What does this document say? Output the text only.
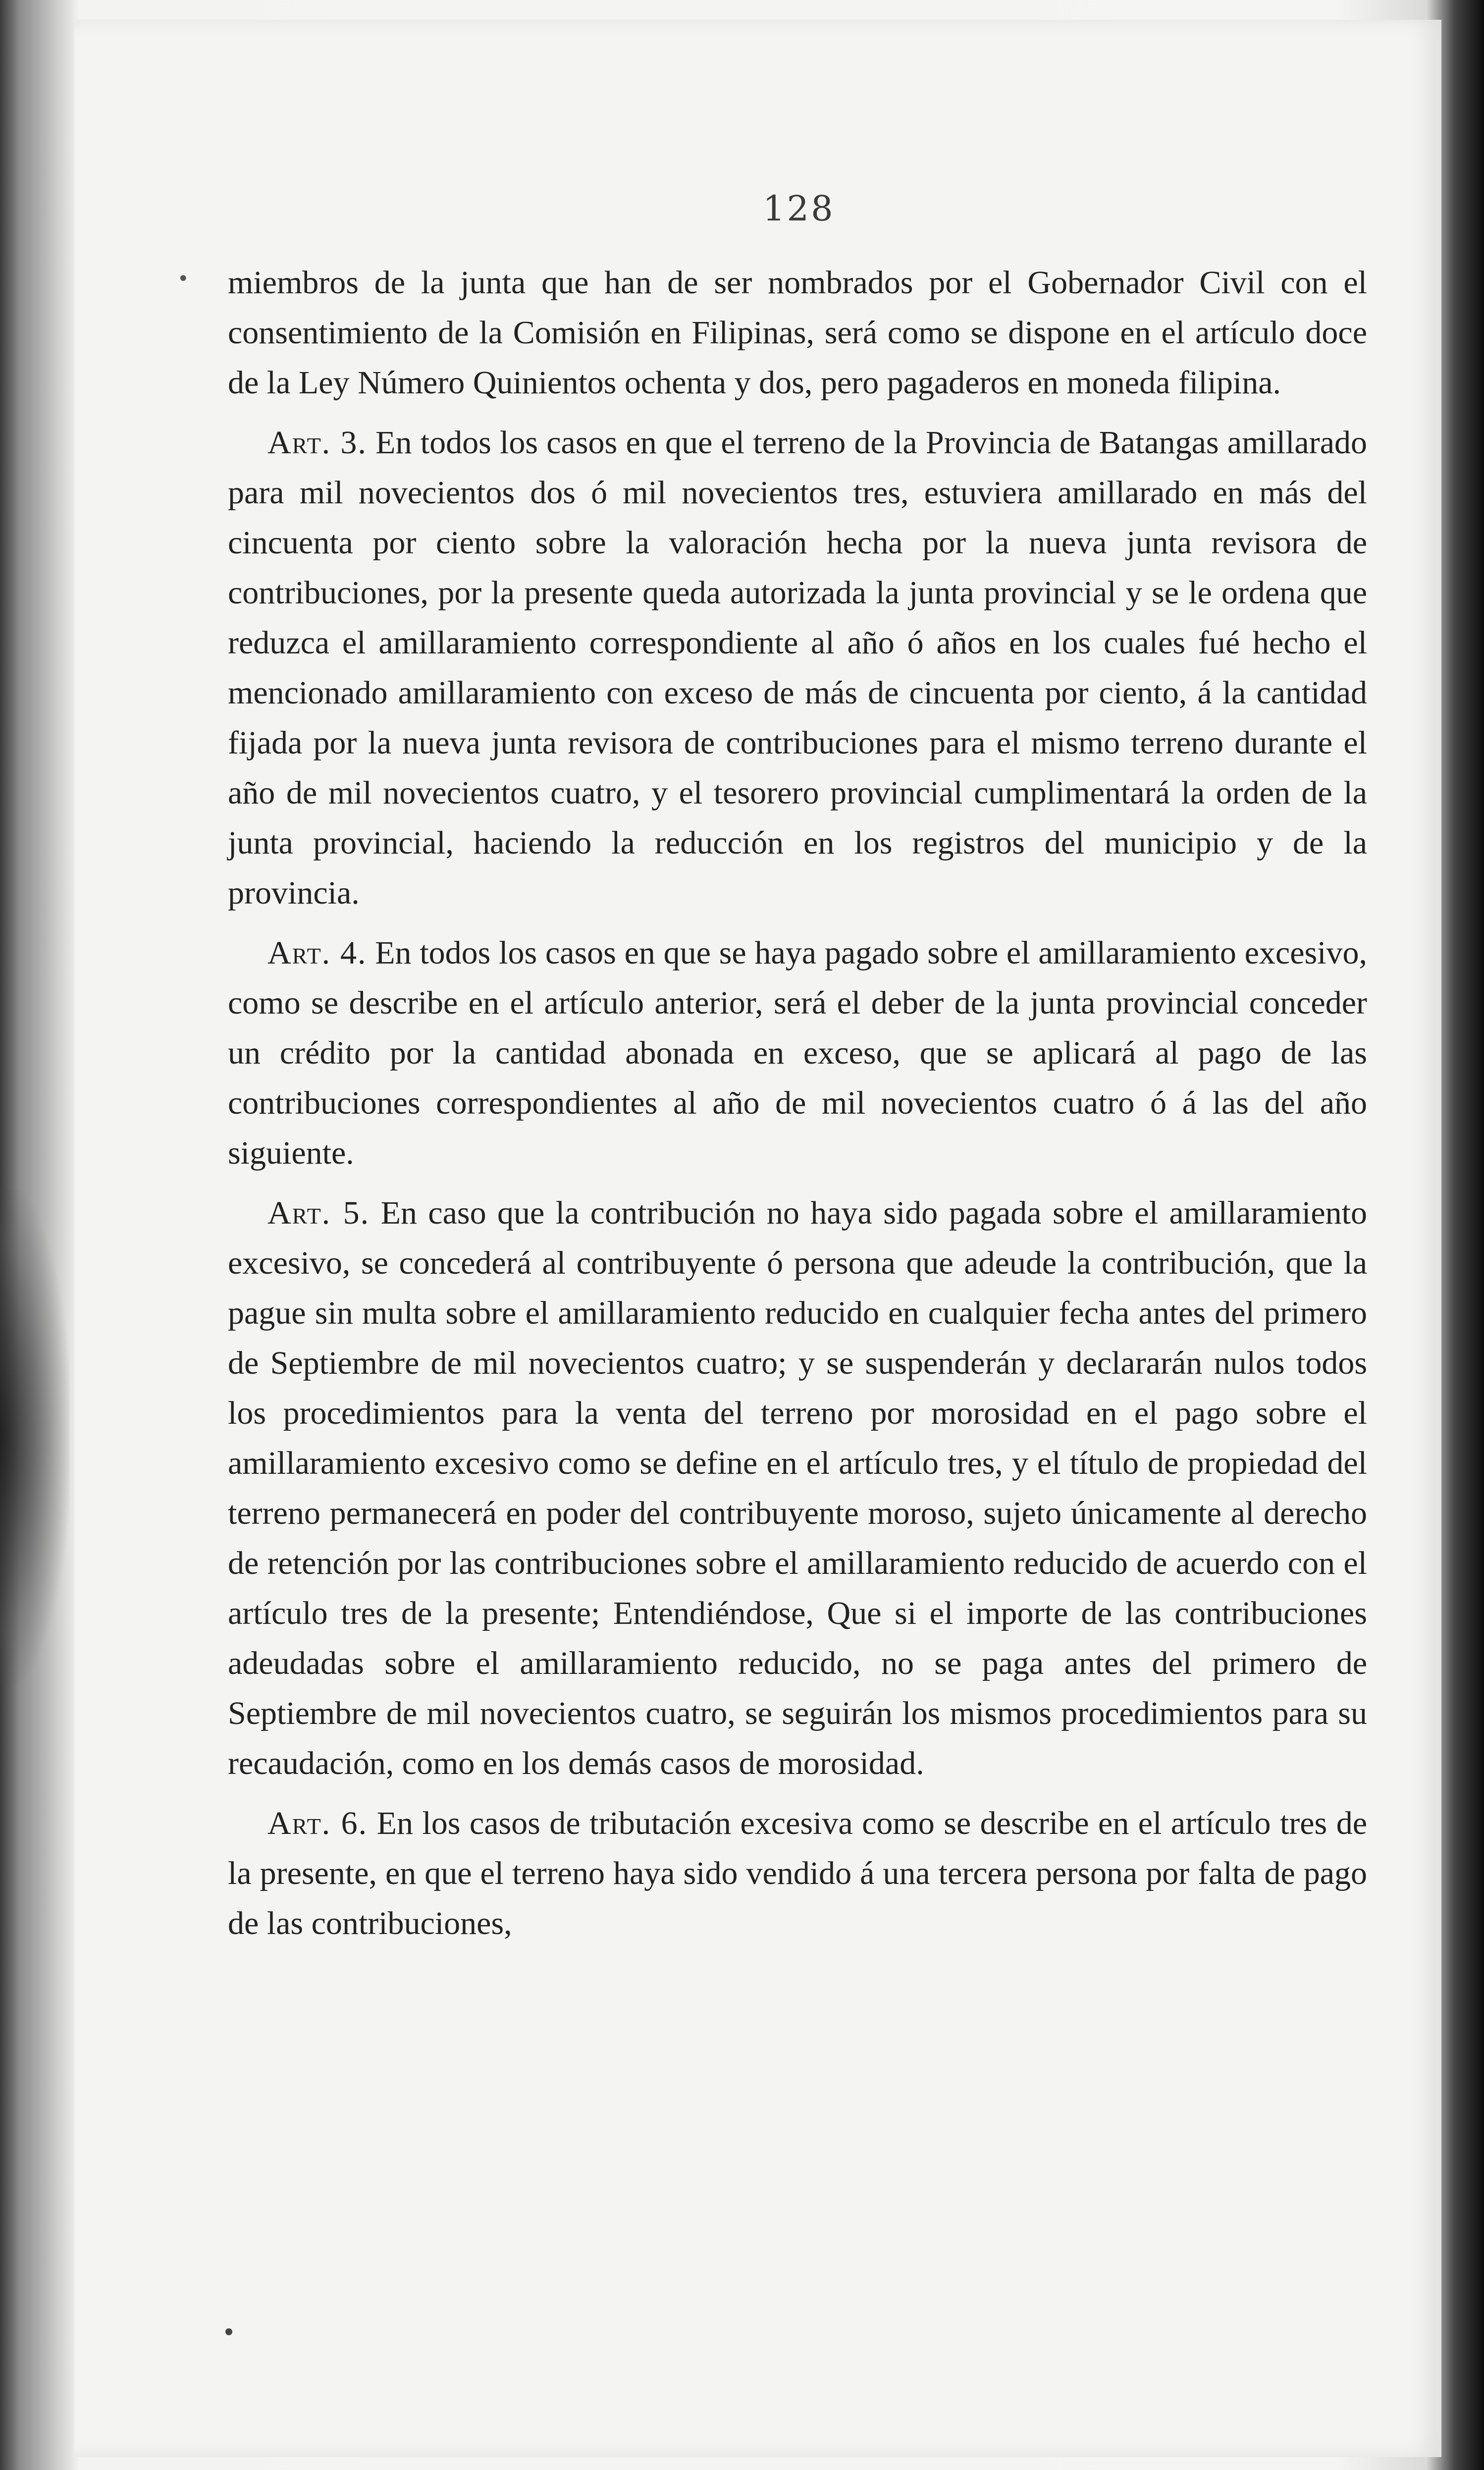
128
• miembros de la junta que han de ser nombrados por el Gobernador Civil con el consentimiento de la Comisión en Filipinas, será como se dispone en el artículo doce de la Ley Número Quinientos ochenta y dos, pero pagaderos en moneda filipina.

Art. 3. En todos los casos en que el terreno de la Provincia de Batangas amillarado para mil novecientos dos ó mil novecientos tres, estuviera amillarado en más del cincuenta por ciento sobre la valoración hecha por la nueva junta revisora de contribuciones, por la presente queda autorizada la junta provincial y se le ordena que reduzca el amillaramiento correspondiente al año ó años en los cuales fué hecho el mencionado amillaramiento con exceso de más de cincuenta por ciento, á la cantidad fijada por la nueva junta revisora de contribuciones para el mismo terreno durante el año de mil novecientos cuatro, y el tesorero provincial cumplimentará la orden de la junta provincial, haciendo la reducción en los registros del municipio y de la provincia.

Art. 4. En todos los casos en que se haya pagado sobre el amillaramiento excesivo, como se describe en el artículo anterior, será el deber de la junta provincial conceder un crédito por la cantidad abonada en exceso, que se aplicará al pago de las contribuciones correspondientes al año de mil novecientos cuatro ó á las del año siguiente.

Art. 5. En caso que la contribución no haya sido pagada sobre el amillaramiento excesivo, se concederá al contribuyente ó persona que adeude la contribución, que la pague sin multa sobre el amillaramiento reducido en cualquier fecha antes del primero de Septiembre de mil novecientos cuatro; y se suspenderán y declararán nulos todos los procedimientos para la venta del terreno por morosidad en el pago sobre el amillaramiento excesivo como se define en el artículo tres, y el título de propiedad del terreno permanecerá en poder del contribuyente moroso, sujeto únicamente al derecho de retención por las contribuciones sobre el amillaramiento reducido de acuerdo con el artículo tres de la presente; Entendiéndose, Que si el importe de las contribuciones adeudadas sobre el amillaramiento reducido, no se paga antes del primero de Septiembre de mil novecientos cuatro, se seguirán los mismos procedimientos para su recaudación, como en los demás casos de morosidad.

Art. 6. En los casos de tributación excesiva como se describe en el artículo tres de la presente, en que el terreno haya sido vendido á una tercera persona por falta de pago de las contribuciones,
